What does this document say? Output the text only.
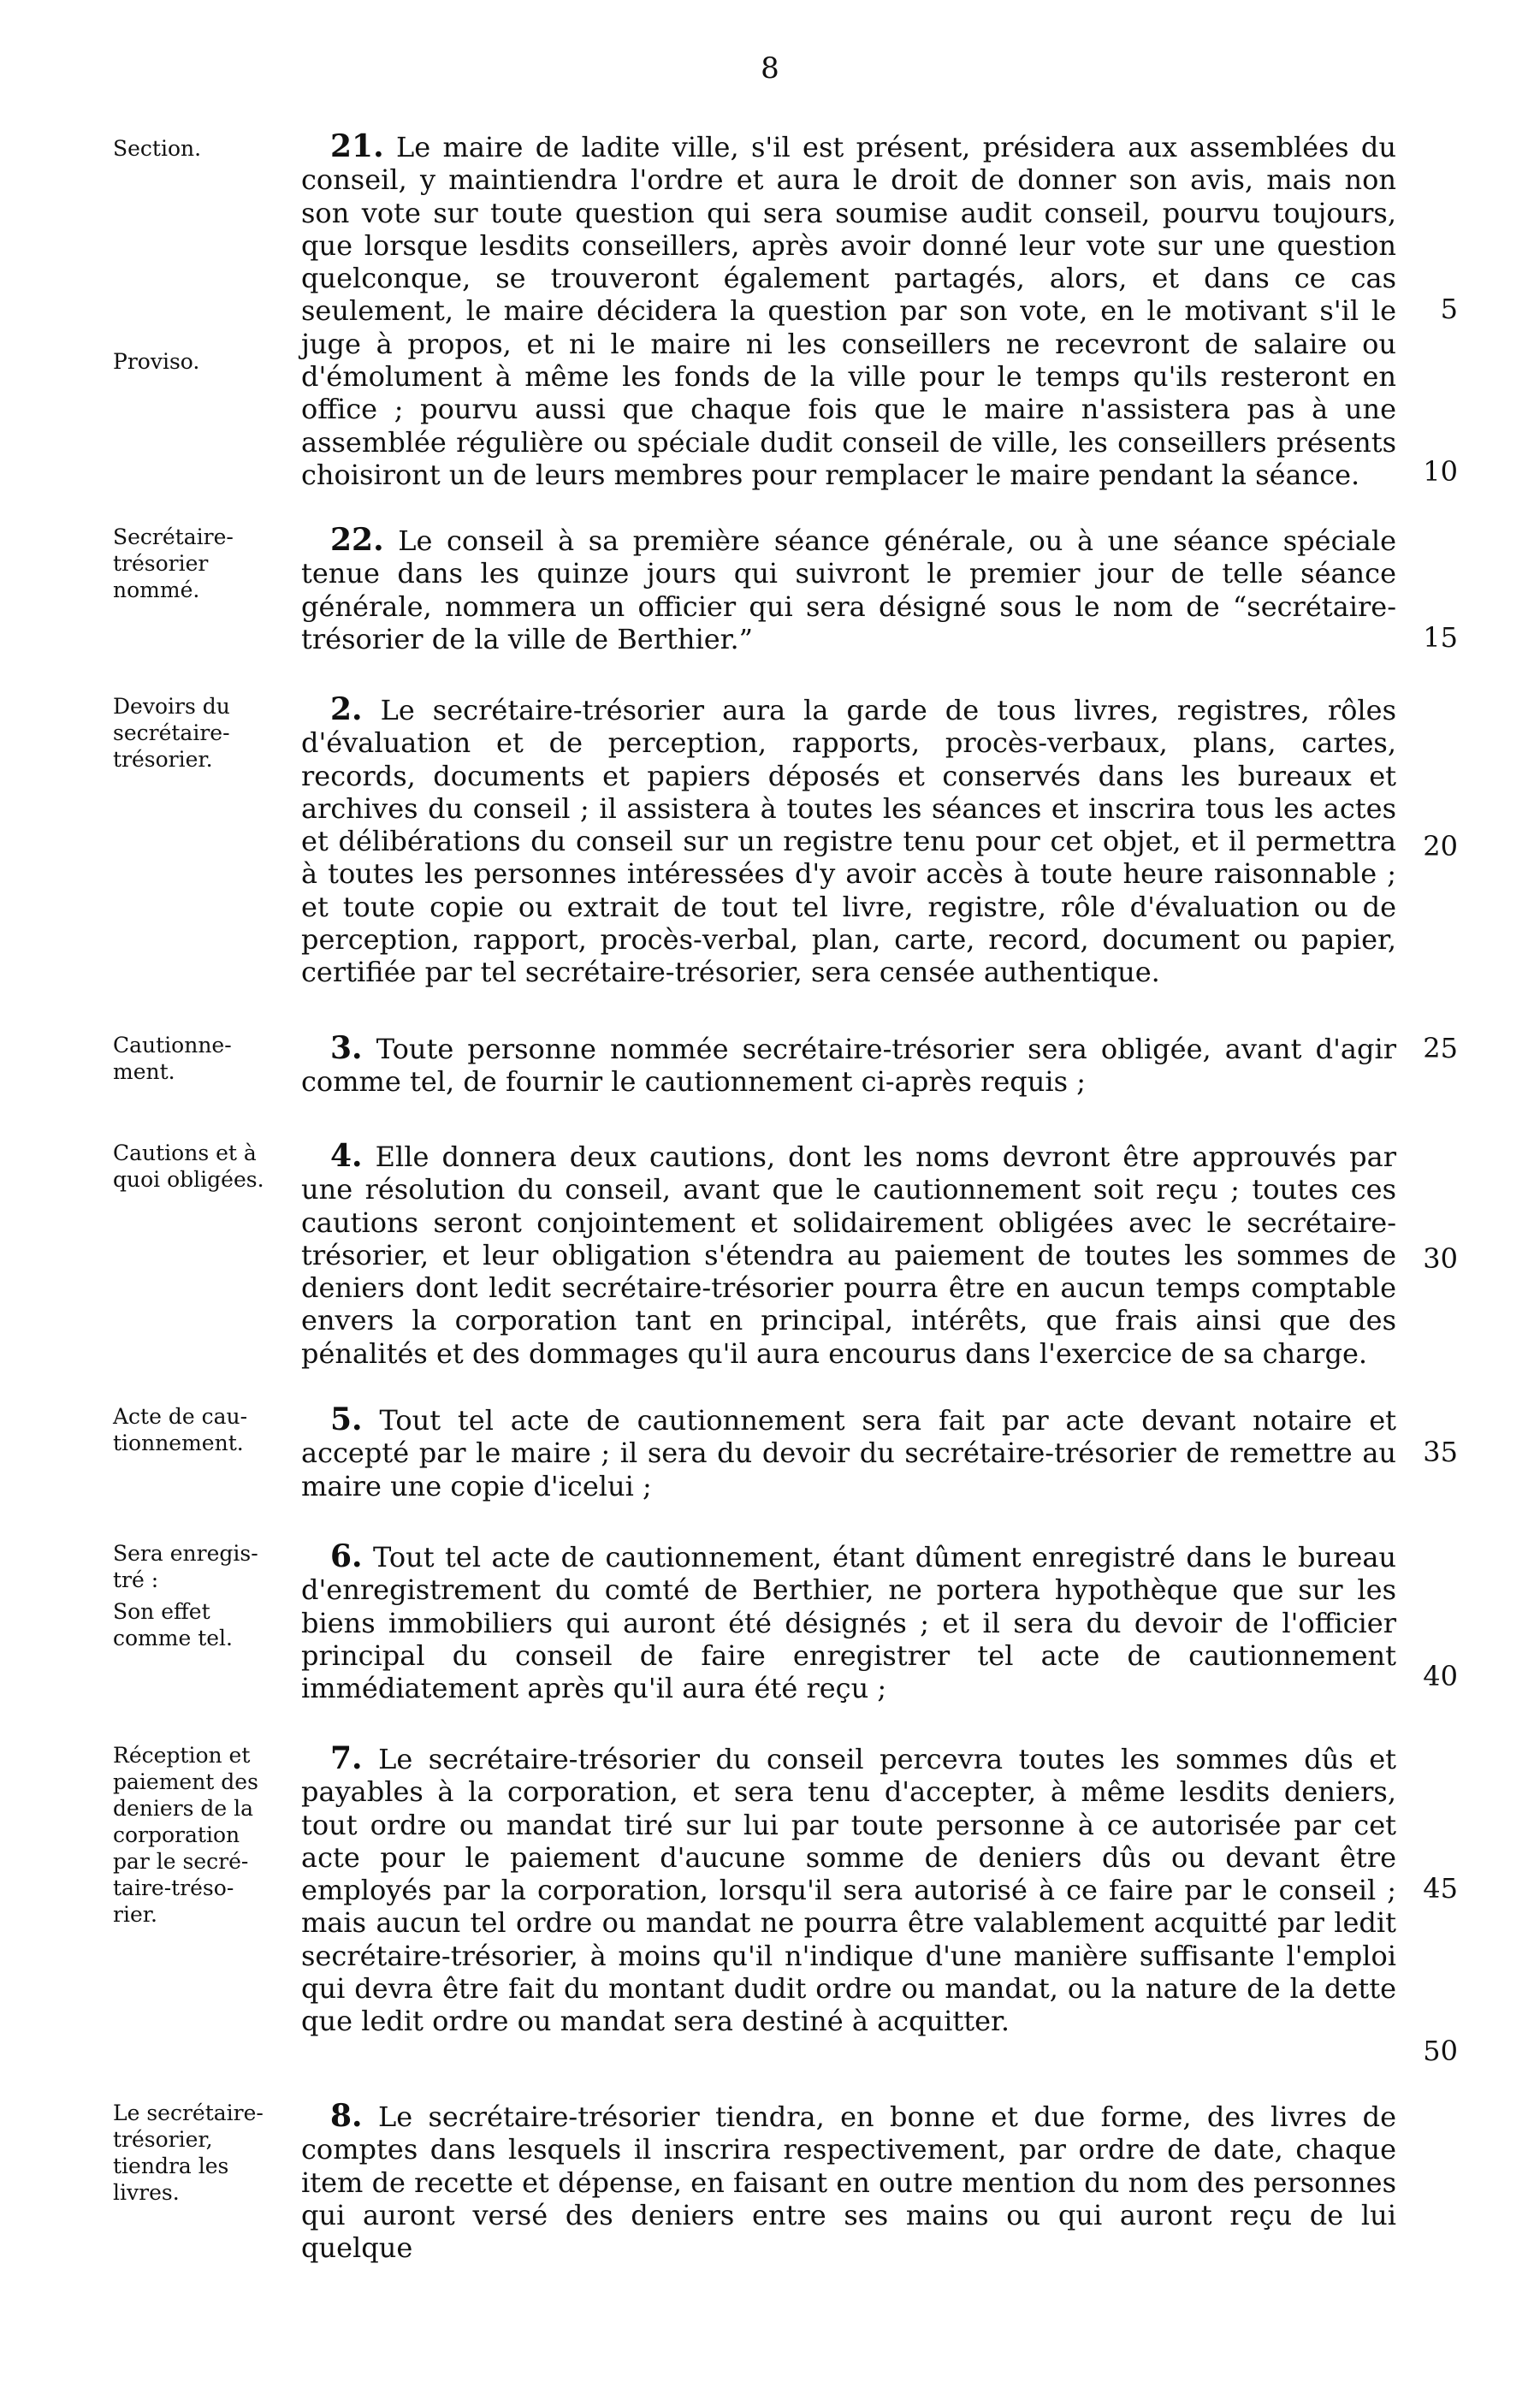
8
Section.
Proviso.
21. Le maire de ladite ville, s'il est présent, présidera aux assemblées du conseil, y maintiendra l'ordre et aura le droit de donner son avis, mais non son vote sur toute question qui sera soumise audit conseil, pourvu toujours, que lorsque lesdits conseillers, après avoir donné leur vote sur une question quelconque, se trouveront également partagés, alors, et dans ce cas seulement, le maire décidera la question par son vote, en le motivant s'il le juge à propos, et ni le maire ni les conseillers ne recevront de salaire ou d'émolument à même les fonds de la ville pour le temps qu'ils resteront en office ; pourvu aussi que chaque fois que le maire n'assistera pas à une assemblée régulière ou spéciale dudit conseil de ville, les conseillers présents choisiront un de leurs membres pour remplacer le maire pendant la séance.
5
10
Secrétaire-
trésorier
nommé.
22. Le conseil à sa première séance générale, ou à une séance spéciale tenue dans les quinze jours qui suivront le premier jour de telle séance générale, nommera un officier qui sera désigné sous le nom de “secrétaire-trésorier de la ville de Berthier.”	15
Devoirs du
secrétaire-
trésorier.
2. Le secrétaire-trésorier aura la garde de tous livres, registres, rôles d'évaluation et de perception, rapports, procès-verbaux, plans, cartes, records, documents et papiers déposés et conservés dans les bureaux et archives du conseil ; il assistera à toutes les séances et inscrira tous les actes et délibérations du conseil sur un registre tenu pour cet objet, et il permettra à toutes les personnes intéressées d'y avoir accès à toute heure raisonnable ; et toute copie ou extrait de tout tel livre, registre, rôle d'évaluation ou de perception, rapport, procès-verbal, plan, carte, record, document ou papier, certifiée par tel secrétaire-trésorier, sera censée authentique.
20
Cautionne-
ment.
3. Toute personne nommée secrétaire-trésorier sera obligée, avant d'agir comme tel, de fournir le cautionnement ci-après requis ;
25
Cautions et à
quoi obligées.
4. Elle donnera deux cautions, dont les noms devront être approuvés par une résolution du conseil, avant que le cautionnement soit reçu ; toutes ces cautions seront conjointement et solidairement obligées avec le secrétaire-trésorier, et leur obligation s'étendra au paiement de toutes les sommes de deniers dont ledit secrétaire-trésorier pourra être en aucun temps comptable envers la corporation tant en principal, intérêts, que frais ainsi que des pénalités et des dommages qu'il aura encourus dans l'exercice de sa charge.
30
Acte de cau-
tionnement.
5. Tout tel acte de cautionnement sera fait par acte devant notaire et accepté par le maire ; il sera du devoir du secrétaire-trésorier de remettre au maire une copie d'icelui ;
35
Sera enregis-
tré :
Son effet
comme tel.
6. Tout tel acte de cautionnement, étant dûment enregistré dans le bureau d'enregistrement du comté de Berthier, ne portera hypothèque que sur les biens immobiliers qui auront été désignés ; et il sera du devoir de l'officier principal du conseil de faire enregistrer tel acte de cautionnement immédiatement après qu'il aura été reçu ;	40
Réception et
paiement des
deniers de la
corporation
par le secré-
taire-tréso-
rier.
7. Le secrétaire-trésorier du conseil percevra toutes les sommes dûs et payables à la corporation, et sera tenu d'accepter, à même lesdits deniers, tout ordre ou mandat tiré sur lui par toute personne à ce autorisée par cet acte pour le paiement d'aucune somme de deniers dûs ou devant être employés par la corporation, lorsqu'il sera autorisé à ce faire par le conseil ; mais aucun tel ordre ou mandat ne pourra être valablement acquitté par ledit secrétaire-trésorier, à moins qu'il n'indique d'une manière suffisante l'emploi qui devra être fait du montant dudit ordre ou mandat, ou la nature de la dette que ledit ordre ou mandat sera destiné à acquitter.
45
50
Le secrétaire-
trésorier,
tiendra les
livres.
8. Le secrétaire-trésorier tiendra, en bonne et due forme, des livres de comptes dans lesquels il inscrira respectivement, par ordre de date, chaque item de recette et dépense, en faisant en outre mention du nom des personnes qui auront versé des deniers entre ses mains ou qui auront reçu de lui quelque
